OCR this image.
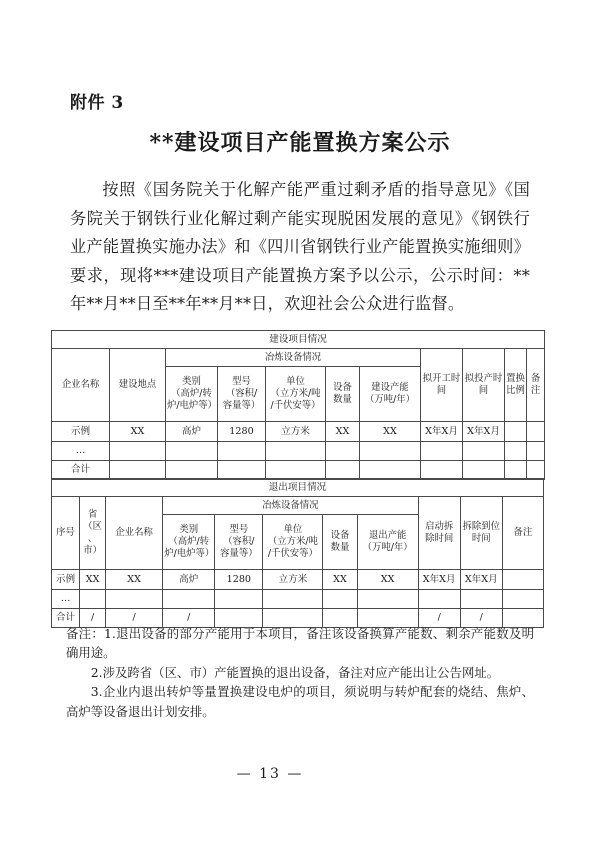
附件 3
**建设项目产能置换方案公示
按照《国务院关于化解产能严重过剩矛盾的指导意见》《国务院关于钢铁行业化解过剩产能实现脱困发展的意见》《钢铁行业产能置换实施办法》和《四川省钢铁行业产能置换实施细则》要求，现将***建设项目产能置换方案予以公示，公示时间：**年**月**日至**年**月**日，欢迎社会公众进行监督。
建设项目情况										
企业名称	建设地点	冶炼设备情况					拟开工时间	拟投产时间	置换比例	备注

		类别
（高炉/转
炉/电炉等）	型号
（容积/
容量等）	单位
（立方米/吨
/千伏安等）	设备
数量	建设产能
（万吨/年）				

示例	XX	高炉	1280	立方米	XX	XX	X年X月	X年X月		
…										
合计										
退出项目情况										
序号	省
（区
、市）	企业名称	冶炼设备情况					启动拆
除时间	拆除到位
时间	备注

			类别
（高炉/转
炉/电炉等）	型号
（容积/
容量等）	单位
（立方米/吨
/千伏安等）	设备
数量	退出产能
（万吨/年）			

示例	XX	XX	高炉	1280	立方米	XX	XX	X年X月	X年X月	
…										
合计	/	/	/					/	/	

备注：1.退出设备的部分产能用于本项目，备注该设备换算产能数、剩余产能数及明确用途。

2.涉及跨省（区、市）产能置换的退出设备，备注对应产能出让公告网址。

3.企业内退出转炉等量置换建设电炉的项目，须说明与转炉配套的烧结、焦炉、高炉等设备退出计划安排。

— 13 —
